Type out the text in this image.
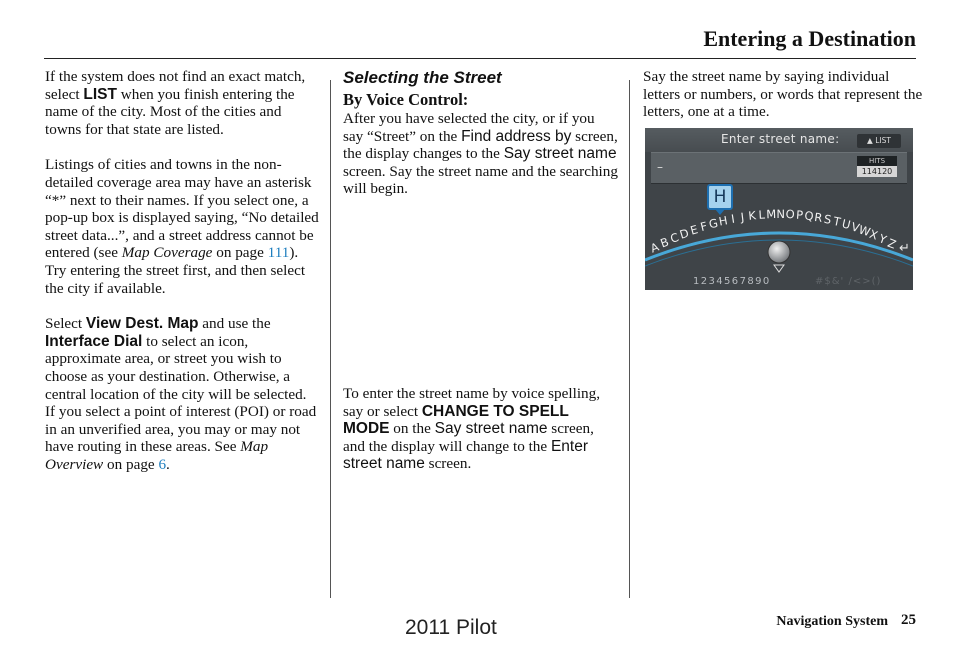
Entering a Destination

If the system does not find an exact match, select LIST when you finish entering the name of the city. Most of the cities and towns for that state are listed.

Listings of cities and towns in the non-detailed coverage area may have an asterisk “*” next to their names. If you select one, a pop-up box is displayed saying, “No detailed street data...”, and a street address cannot be entered (see Map Coverage on page 111). Try entering the street first, and then select the city if available.

Select View Dest. Map and use the Interface Dial to select an icon, approximate area, or street you wish to choose as your destination. Otherwise, a central location of the city will be selected. If you select a point of interest (POI) or road in an unverified area, you may or may not have routing in these areas. See Map Overview on page 6.

Selecting the Street
By Voice Control:

After you have selected the city, or if you say “Street” on the Find address by screen, the display changes to the Say street name screen. Say the street name and the searching will begin.

To enter the street name by voice spelling, say or select CHANGE TO SPELL MODE on the Say street name screen, and the display will change to the Enter street name screen.

Say the street name by saying individual letters or numbers, or words that represent the letters, one at a time.

Enter street name:	▲ LIST
–	HITS
114120
A
B
C
D
E F G
H I J K L M N O P Q R S T
U
V
W
X
Y
Z ↵
H
1234567890	#$&' /<>()
Navigation System 25
2011 Pilot
